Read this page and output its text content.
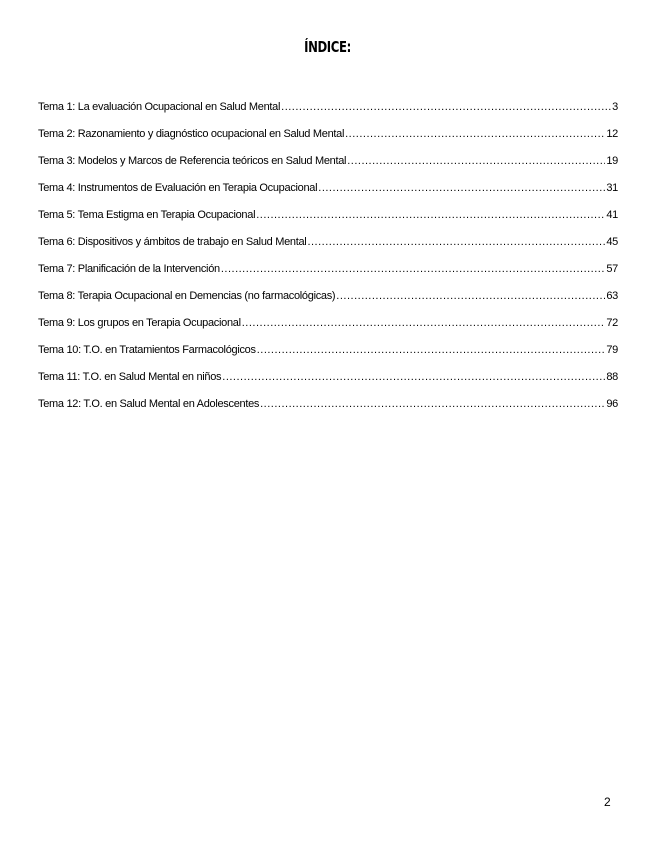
ÍNDICE:
Tema 1: La evaluación Ocupacional en Salud Mental .....	3
Tema 2: Razonamiento y diagnóstico ocupacional en Salud Mental .....	12
Tema 3: Modelos y Marcos de Referencia teóricos en Salud Mental .....	19
Tema 4: Instrumentos de Evaluación en Terapia Ocupacional .....	31
Tema 5: Tema Estigma en Terapia Ocupacional .....	41
Tema 6: Dispositivos y ámbitos de trabajo en Salud Mental .....	45
Tema 7: Planificación de la Intervención .....	57
Tema 8: Terapia Ocupacional en Demencias (no farmacológicas) .....	63
Tema 9: Los grupos en Terapia Ocupacional .....	72
Tema 10: T.O. en Tratamientos Farmacológicos .....	79
Tema 11: T.O. en Salud Mental en niños .....	88
Tema 12: T.O. en Salud Mental en Adolescentes .....	96
2
